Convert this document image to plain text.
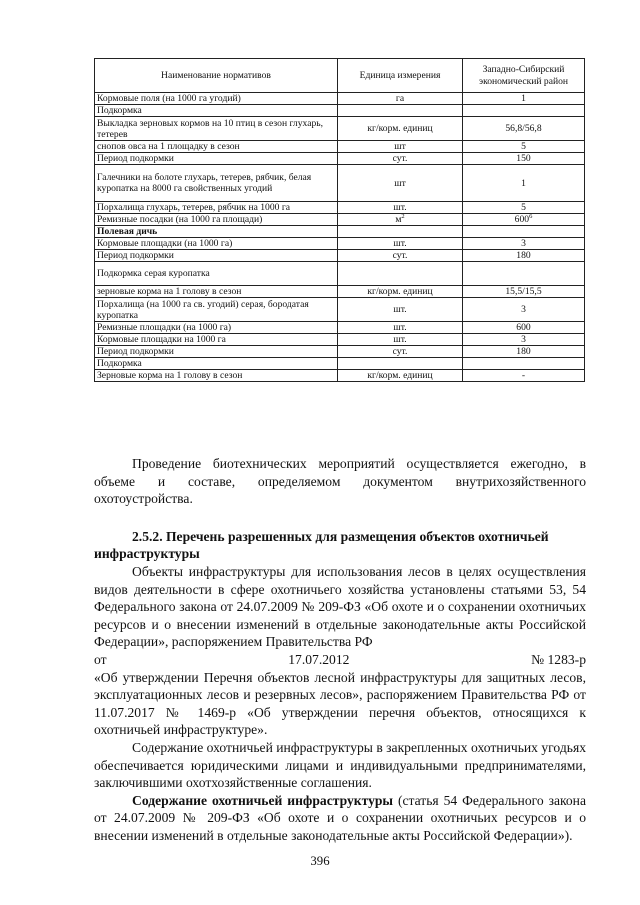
Наименование нормативов	Единица измерения	Западно-Сибирский экономический район
Кормовые поля (на 1000 га угодий)	га	1
Подкормка		
Выкладка зерновых кормов на 10 птиц в сезон глухарь, тетерев	кг/корм. единиц	56,8/56,8
снопов овса на 1 площадку в сезон	шт	5
Период подкормки	сут.	150
Галечники на болоте глухарь, тетерев, рябчик, белая куропатка на 8000 га свойственных угодий	шт	1
Порхалища глухарь, тетерев, рябчик на 1000 га	шт.	5
Ремизные посадки (на 1000 га площади)	$м^2$	$600^6$
Полевая дичь		
Кормовые площадки (на 1000 га)	шт.	3
Период подкормки	сут.	180
Подкормка серая куропатка		
зерновые корма на 1 голову в сезон	кг/корм. единиц	15,5/15,5
Порхалища (на 1000 га св. угодий) серая, бородатая куропатка	шт.	3
Ремизные площадки (на 1000 га)	шт.	600
Кормовые площадки на 1000 га	шт.	3
Период подкормки	сут.	180
Подкормка		
Зерновые корма на 1 голову в сезон	кг/корм. единиц	-

Проведение биотехнических мероприятий осуществляется ежегодно, в объеме и составе, определяемом документом внутрихозяйственного охотоустройства.

2.5.2. Перечень разрешенных для размещения объектов охотничьей инфраструктуры

Объекты инфраструктуры для использования лесов в целях осуществления видов деятельности в сфере охотничьего хозяйства установлены статьями 53, 54 Федерального закона от 24.07.2009 № 209-ФЗ «Об охоте и о сохранении охотничьих ресурсов и о внесении изменений в отдельные законодательные акты Российской Федерации», распоряжением Правительства РФ

от	17.07.2012	№ 1283-р

«Об утверждении Перечня объектов лесной инфраструктуры для защитных лесов, эксплуатационных лесов и резервных лесов», распоряжением Правительства РФ от 11.07.2017 № 1469-р «Об утверждении перечня объектов, относящихся к охотничьей инфраструктуре».

Содержание охотничьей инфраструктуры в закрепленных охотничьих угодьях обеспечивается юридическими лицами и индивидуальными предпринимателями, заключившими охотхозяйственные соглашения.

Содержание охотничьей инфраструктуры (статья 54 Федерального закона от 24.07.2009 № 209-ФЗ «Об охоте и о сохранении охотничьих ресурсов и о внесении изменений в отдельные законодательные акты Российской Федерации»).

396
